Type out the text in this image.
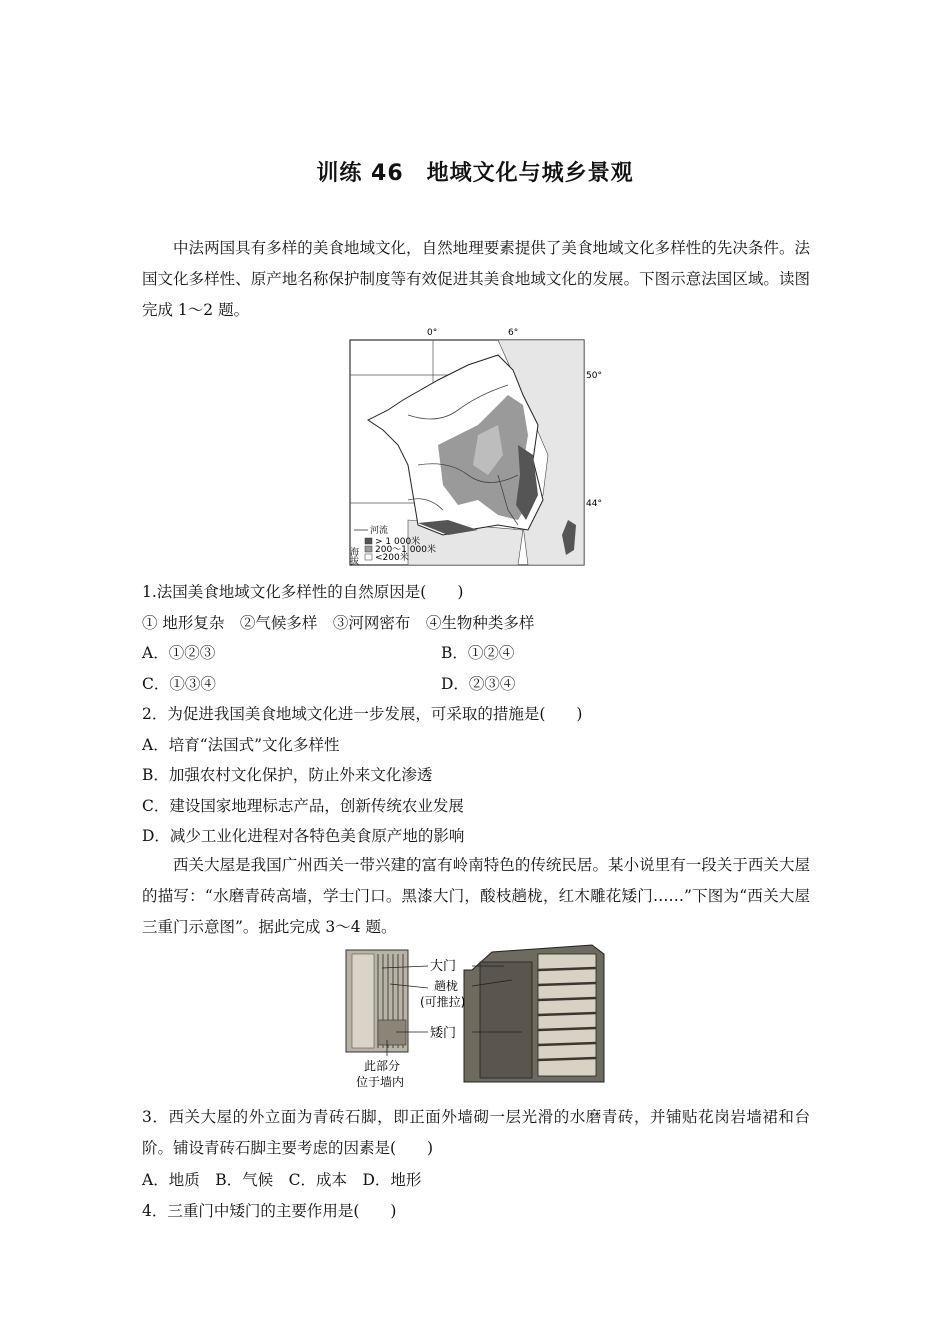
训练 46　地域文化与城乡景观
中法两国具有多样的美食地域文化，自然地理要素提供了美食地域文化多样性的先决条件。法国文化多样性、原产地名称保护制度等有效促进其美食地域文化的发展。下图示意法国区域。读图完成 1～2 题。
0°	6°
50°
44°
河流
海拔
> 1 000米
200～1 000米
<200米
1.法国美食地域文化多样性的自然原因是(　　)
① 地形复杂　②气候多样　③河网密布　④生物种类多样
A．①②③	B．①②④
C．①③④	D．②③④
2．为促进我国美食地域文化进一步发展，可采取的措施是(　　)
A．培育“法国式”文化多样性
B．加强农村文化保护，防止外来文化渗透
C．建设国家地理标志产品，创新传统农业发展
D．减少工业化进程对各特色美食原产地的影响
西关大屋是我国广州西关一带兴建的富有岭南特色的传统民居。某小说里有一段关于西关大屋的描写：“水磨青砖高墙，学士门口。黑漆大门，酸枝趟栊，红木雕花矮门……”下图为“西关大屋三重门示意图”。据此完成 3～4 题。
大门
趟栊
(可推拉)
矮门
此部分
位于墙内
3．西关大屋的外立面为青砖石脚，即正面外墙砌一层光滑的水磨青砖，并铺贴花岗岩墙裙和台阶。铺设青砖石脚主要考虑的因素是(　　)
A．地质　B．气候　C．成本　D．地形
4．三重门中矮门的主要作用是(　　)
